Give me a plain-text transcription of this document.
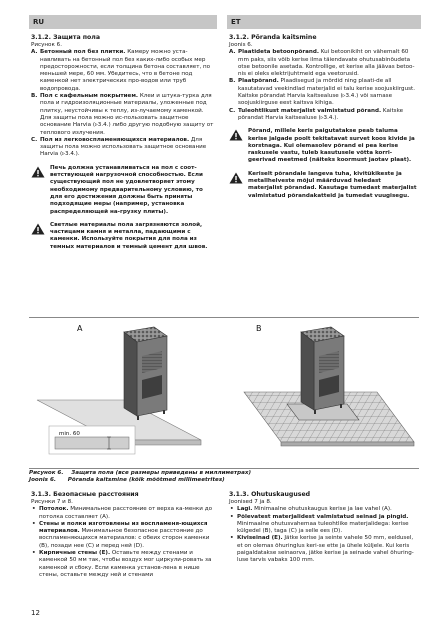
RU	ET

3.1.2. Защита пола

Рисунок 6.

A. Бетонный пол без плитки. Камеру можно уста-навливать на бетонный пол без каких-либо особых мер предосторожности, если толщина бетона составляет, по меньшей мере, 60 мм. Убедитесь, что в бетоне под каменкой нет электрических про-водов или труб водопровода.
B. Пол с кафельным покрытием. Клеи и штука-турка для пола и гидроизоляционные материалы, уложенные под плитку, неустойчивы к теплу, из-лучаемому каменкой. Для защиты пола можно ис-пользовать защитное основание Harvia (▹3.4.) либо другую подобную защиту от теплового излучения.
C. Пол из легковоспламеняющихся материалов. Для защиты пола можно использовать защитное основание Harvia (▹3.4.).
Печь должна устанавливаться на пол с соот-ветствующей нагрузочной способностью. Если существующий пол не удовлетворяет этому необходимому предварительному условию, то для его достижения должны быть приняты подходящие меры (например, установка распределяющей на-грузку плиты).
Светлые материалы пола загрязняются золой, частицами камня и металла, падающими с каменки. Используйте покрытия для пола из темных материалов и темный цемент для швов.

3.1.2. Põranda kaitsmine

Joonis 6.

A. Plaatideta betoonpõrand. Kui betoonikiht on vähemalt 60 mm paks, siis võib kerise ilma täiendavate ohutusabinõudeta otse betoonile asetada. Kontrollige, et kerise alla jäävas betoo-nis ei oleks elektrijuhtmeid ega veetorusid.
B. Plaatpõrand. Plaadisegud ja mördid ning plaati-de all kasutatavad veekindlad materjalid ei talu kerise soojuskiirgust. Kaitske põrandat Harvia kaitsealuse (▹3.4.) või sarnase soojuskiirguse eest kaitsva kihiga.
C. Tuleohtlikust materjalist valmistatud põrand. Kaitske põrandat Harvia kaitsealuse (▹3.4.).
Põrand, millele keris paigutatakse peab taluma kerise jalgade poolt tekitatavat survet koos kivide ja korstnaga. Kui olemasolev põrand ei pea kerise raskusele vastu, tuleb kasutusele võtta korri-geerivad meetmed (näiteks koormust jaotav plaat).
Keriselt põrandale langeva tuha, kivitükikeste ja metallhelveste mõjul määrduvad heledast materjalist põrandad. Kasutage tumedast materjalist valmistatud põrandakatteid ja tumedat vuugisegu.
min. 60
A	B
Рисунок 6. Защита пола (все размеры приведены в миллиметрах)
Joonis 6. Põranda kaitsmine (kõik mõõtmed millimeetrites)

3.1.3. Безопасные расстояния

Рисунки 7 и 8.

• Потолок. Минимальное расстояние от верха ка-менки до потолка составляет (A).
• Стены и полки изготовлены из воспламеня-ющихся материалов. Минимальное безопасное расстояние до воспламеняющихся материалов: с обеих сторон каменки (B), позади нее (C) и перед ней (D).
• Кирпичные стены (E). Оставьте между стенами и каменкой 50 мм так, чтобы воздух мог циркули-ровать за каменкой и сбоку. Если каменка установ-лена в нише стены, оставьте между ней и стенами

3.1.3. Ohutuskaugused

Joonised 7 ja 8.

• Lagi. Minimaalne ohutuskaugus kerise ja lae vahel (A).
• Põlevatest materjalidest valmistatud seinad ja pingid. Minimaalne ohutusvahemaa tuleohtlike materjalidega: kerise külgedel (B), taga (C) ja selle ees (D).
• Kiviseinad (E). Jätke kerise ja seinte vahele 50 mm, eeldusel, et on olemas õhuringlus keri-se ette ja ühele küljele. Kui keris paigaldatakse seinaorva, jätke kerise ja seinade vahel õhuring-luse tarvis vabaks 100 mm.
12
